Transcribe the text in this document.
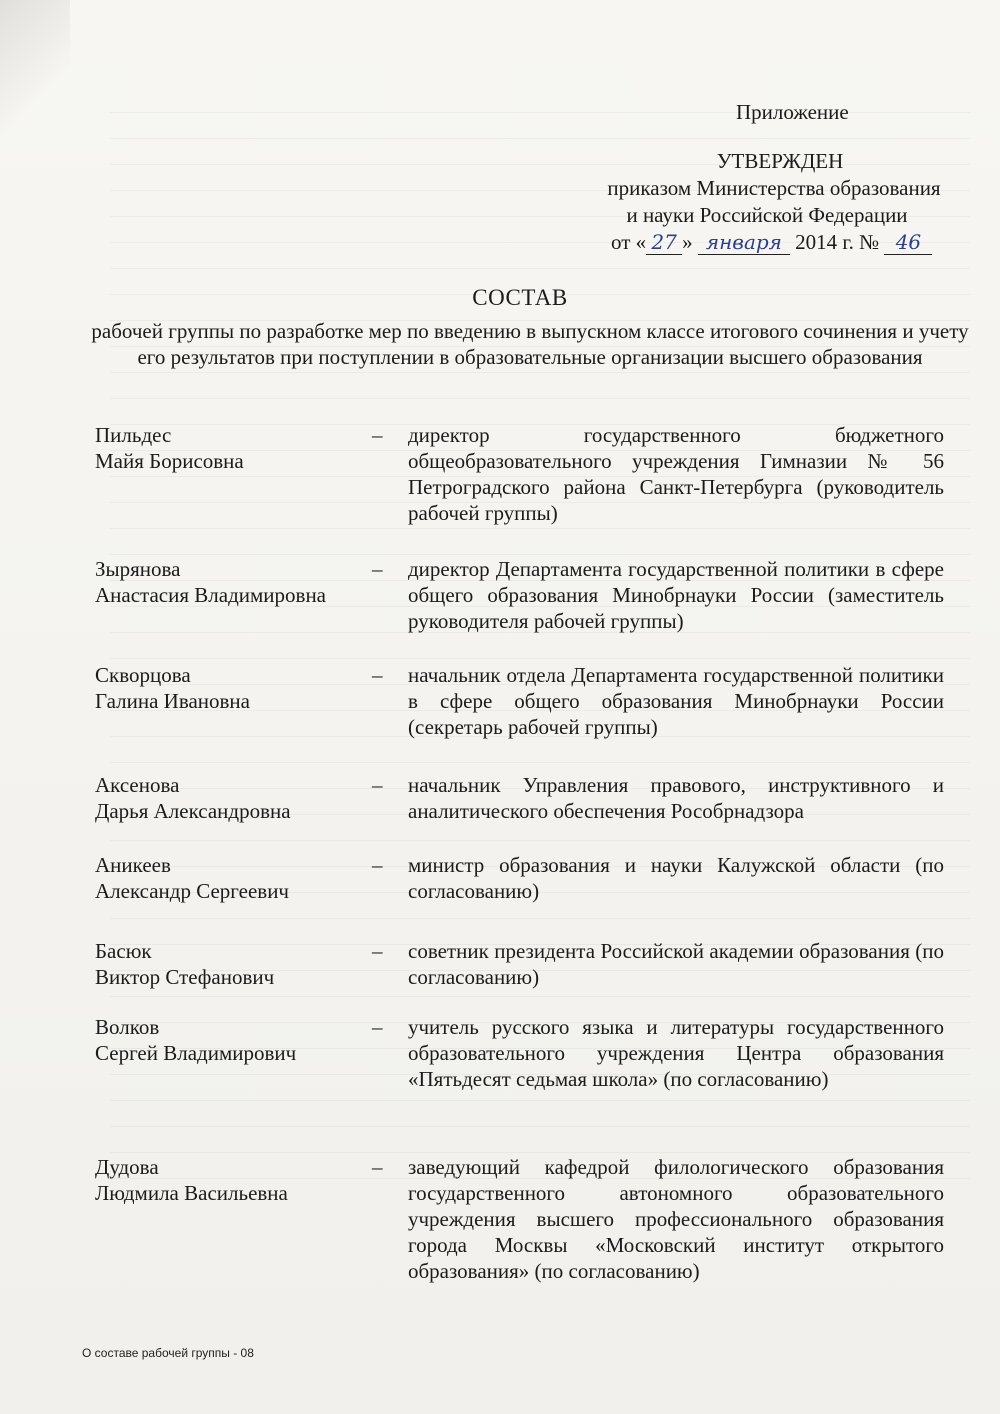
Приложение
УТВЕРЖДЕН
приказом Министерства образования
и науки Российской Федерации
от « 27 » января 2014 г. № 46
СОСТАВ
рабочей группы по разработке мер по введению в выпускном классе итогового сочинения и учету его результатов при поступлении в образовательные организации высшего образования
Пильдес
Майя Борисовна
– директор государственного бюджетного общеобразовательного учреждения Гимназии № 56 Петроградского района Санкт-Петербурга (руководитель рабочей группы)
Зырянова
Анастасия Владимировна
– директор Департамента государственной политики в сфере общего образования Минобрнауки России (заместитель руководителя рабочей группы)
Скворцова
Галина Ивановна
– начальник отдела Департамента государственной политики в сфере общего образования Минобрнауки России (секретарь рабочей группы)
Аксенова
Дарья Александровна
– начальник Управления правового, инструктивного и аналитического обеспечения Рособрнадзора
Аникеев
Александр Сергеевич
– министр образования и науки Калужской области (по согласованию)
Басюк
Виктор Стефанович
– советник президента Российской академии образования (по согласованию)
Волков
Сергей Владимирович
– учитель русского языка и литературы государственного образовательного учреждения Центра образования «Пятьдесят седьмая школа» (по согласованию)
Дудова
Людмила Васильевна
– заведующий кафедрой филологического образования государственного автономного образовательного учреждения высшего профессионального образования города Москвы «Московский институт открытого образования» (по согласованию)
О составе рабочей группы - 08
